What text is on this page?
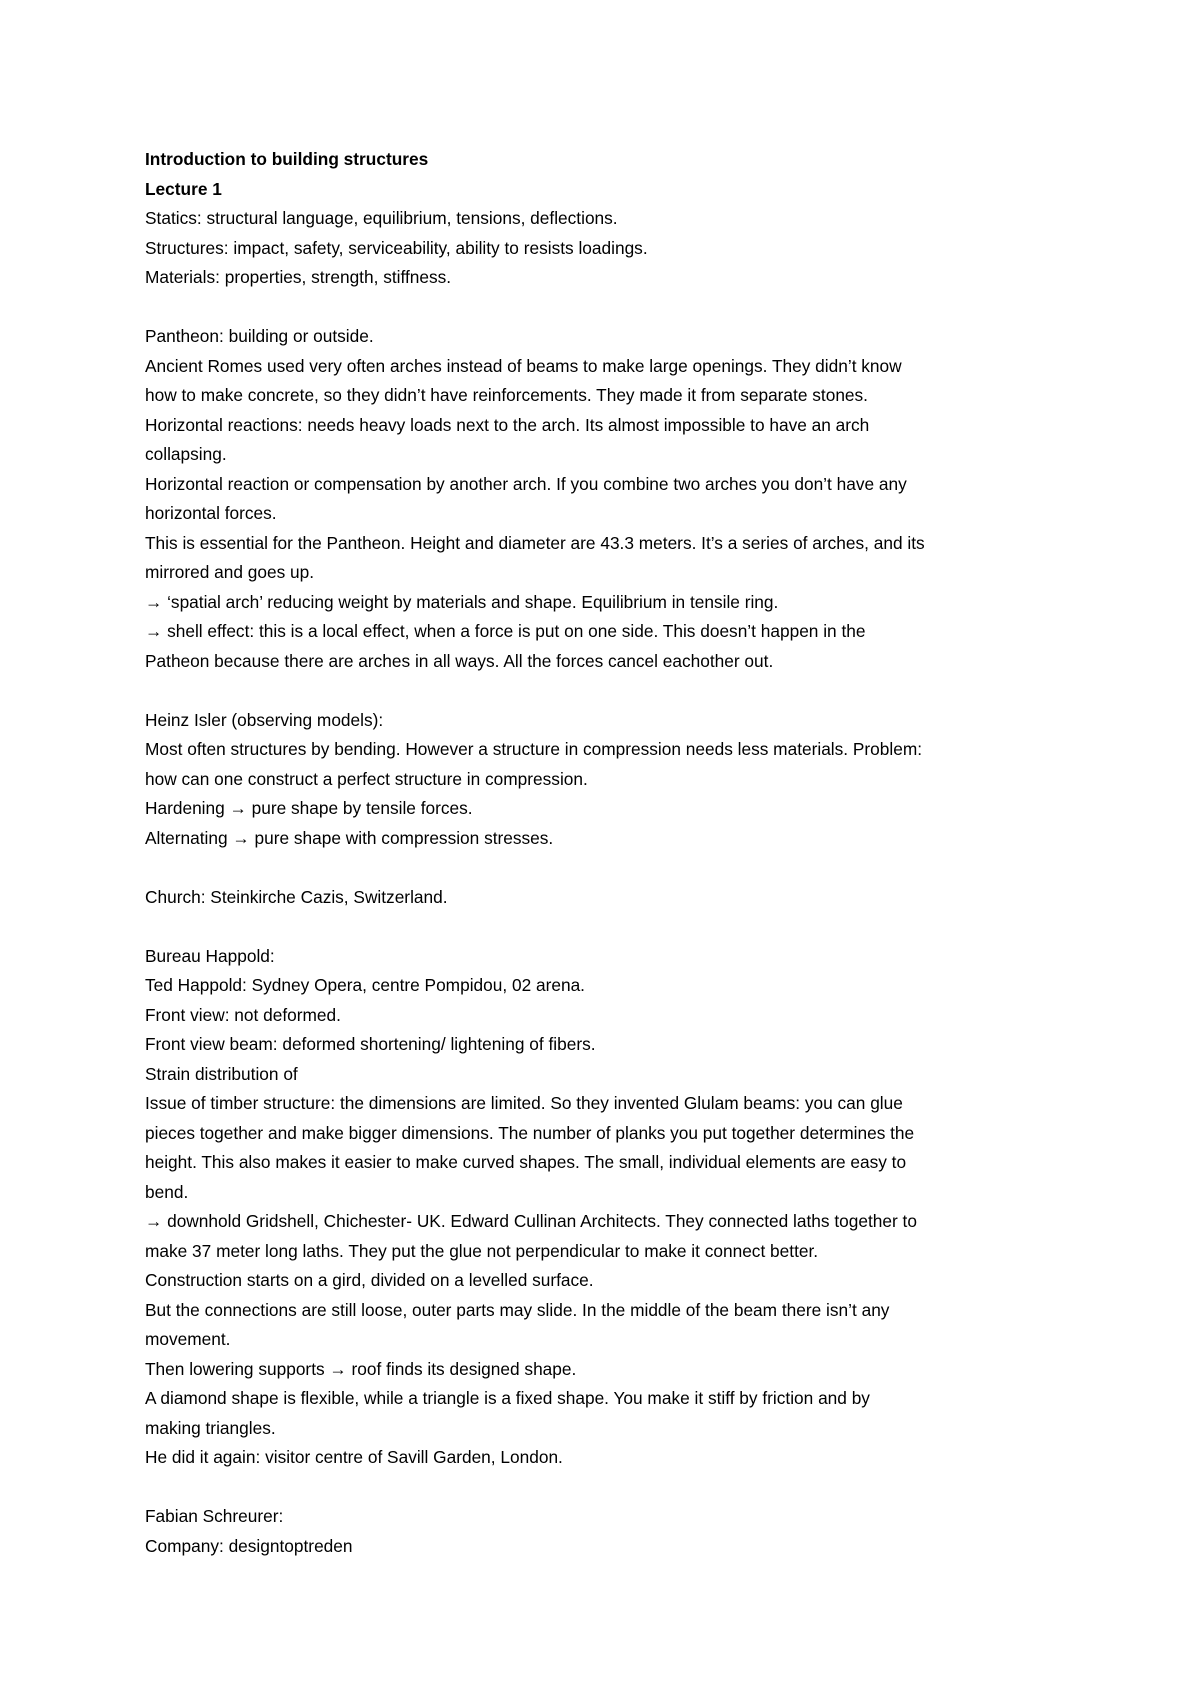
Introduction to building structures
Lecture 1
Statics: structural language, equilibrium, tensions, deflections.
Structures: impact, safety, serviceability, ability to resists loadings.
Materials: properties, strength, stiffness.
Pantheon: building or outside.
Ancient Romes used very often arches instead of beams to make large openings. They didn’t know
how to make concrete, so they didn’t have reinforcements. They made it from separate stones.
Horizontal reactions: needs heavy loads next to the arch. Its almost impossible to have an arch
collapsing.
Horizontal reaction or compensation by another arch. If you combine two arches you don’t have any
horizontal forces.
This is essential for the Pantheon. Height and diameter are 43.3 meters. It’s a series of arches, and its
mirrored and goes up.
→ ‘spatial arch’ reducing weight by materials and shape. Equilibrium in tensile ring.
→ shell effect: this is a local effect, when a force is put on one side. This doesn’t happen in the
Patheon because there are arches in all ways. All the forces cancel eachother out.
Heinz Isler (observing models):
Most often structures by bending. However a structure in compression needs less materials. Problem:
how can one construct a perfect structure in compression.
Hardening → pure shape by tensile forces.
Alternating → pure shape with compression stresses.
Church: Steinkirche Cazis, Switzerland.
Bureau Happold:
Ted Happold: Sydney Opera, centre Pompidou, 02 arena.
Front view: not deformed.
Front view beam: deformed shortening/ lightening of fibers.
Strain distribution of
Issue of timber structure: the dimensions are limited. So they invented Glulam beams: you can glue
pieces together and make bigger dimensions. The number of planks you put together determines the
height. This also makes it easier to make curved shapes. The small, individual elements are easy to
bend.
→ downhold Gridshell, Chichester- UK. Edward Cullinan Architects. They connected laths together to
make 37 meter long laths. They put the glue not perpendicular to make it connect better.
Construction starts on a gird, divided on a levelled surface.
But the connections are still loose, outer parts may slide. In the middle of the beam there isn’t any
movement.
Then lowering supports → roof finds its designed shape.
A diamond shape is flexible, while a triangle is a fixed shape. You make it stiff by friction and by
making triangles.
He did it again: visitor centre of Savill Garden, London.
Fabian Schreurer:
Company: designtoptreden
